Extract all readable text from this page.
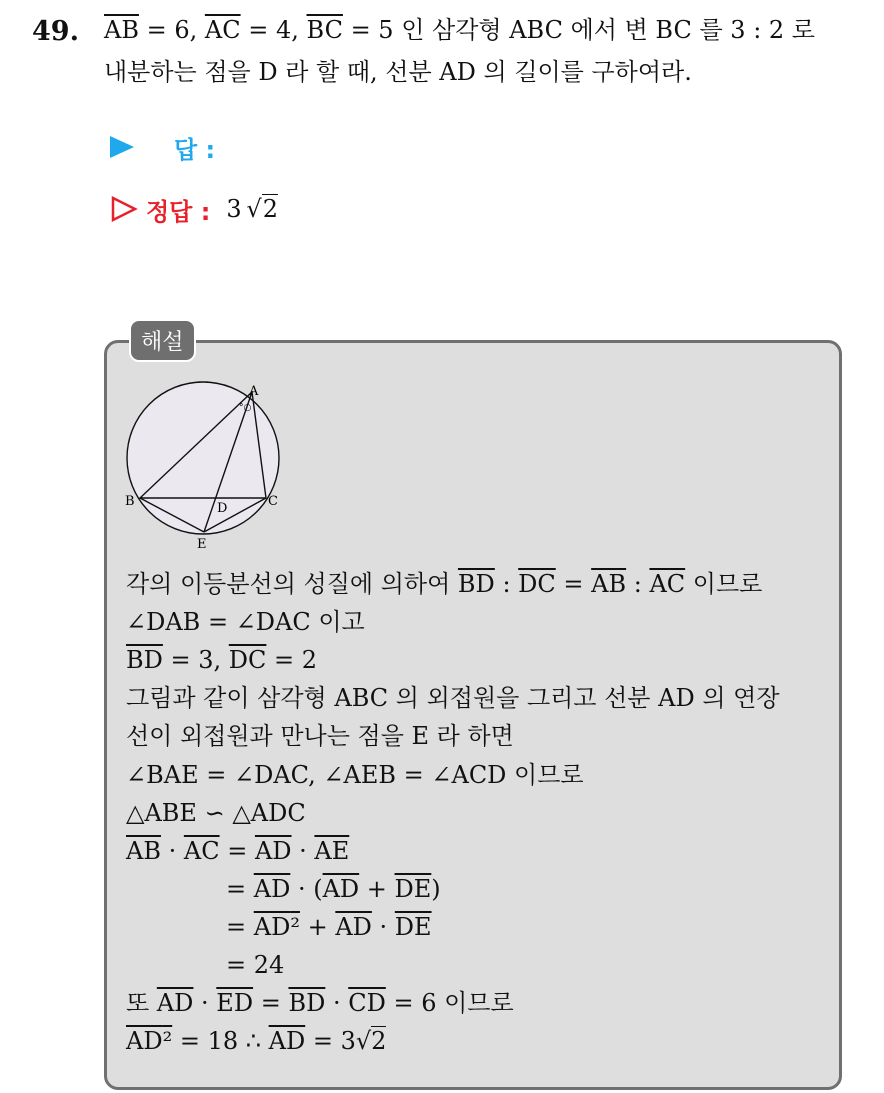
49. $\overline{AB} = 6$, $\overline{AC} = 4$, $\overline{BC} = 5$ 인 삼각형 ABC 에서 변 BC 를 3 : 2 로
내분하는 점을 D 라 할 때, 선분 AD 의 길이를 구하여라.
답 :
정답 : 3  √2
해설
°○
A
B	C
D
E
각의 이등분선의 성질에 의하여 $\overline{BD}$ : $\overline{DC} = \overline{AB}$ : $\overline{AC}$ 이므로
∠DAB = ∠DAC 이고
$\overline{BD} = 3$, $\overline{DC} = 2$
그림과 같이 삼각형 ABC 의 외접원을 그리고 선분 AD 의 연장
선이 외접원과 만나는 점을 E 라 하면
∠BAE = ∠DAC, ∠AEB = ∠ACD 이므로
△ABE ∽ △ADC
$\overline{AB} \cdot \overline{AC} = \overline{AD} \cdot \overline{AE}$
= $\overline{AD} \cdot (\overline{AD} + \overline{DE})$
= $\overline{AD}^2 + \overline{AD} \cdot \overline{DE}$
= 24
또 $\overline{AD} \cdot \overline{ED} = \overline{BD} \cdot \overline{CD} = 6$ 이므로
$\overline{AD}^2 = 18$ ∴ $\overline{AD} = 3√2$
